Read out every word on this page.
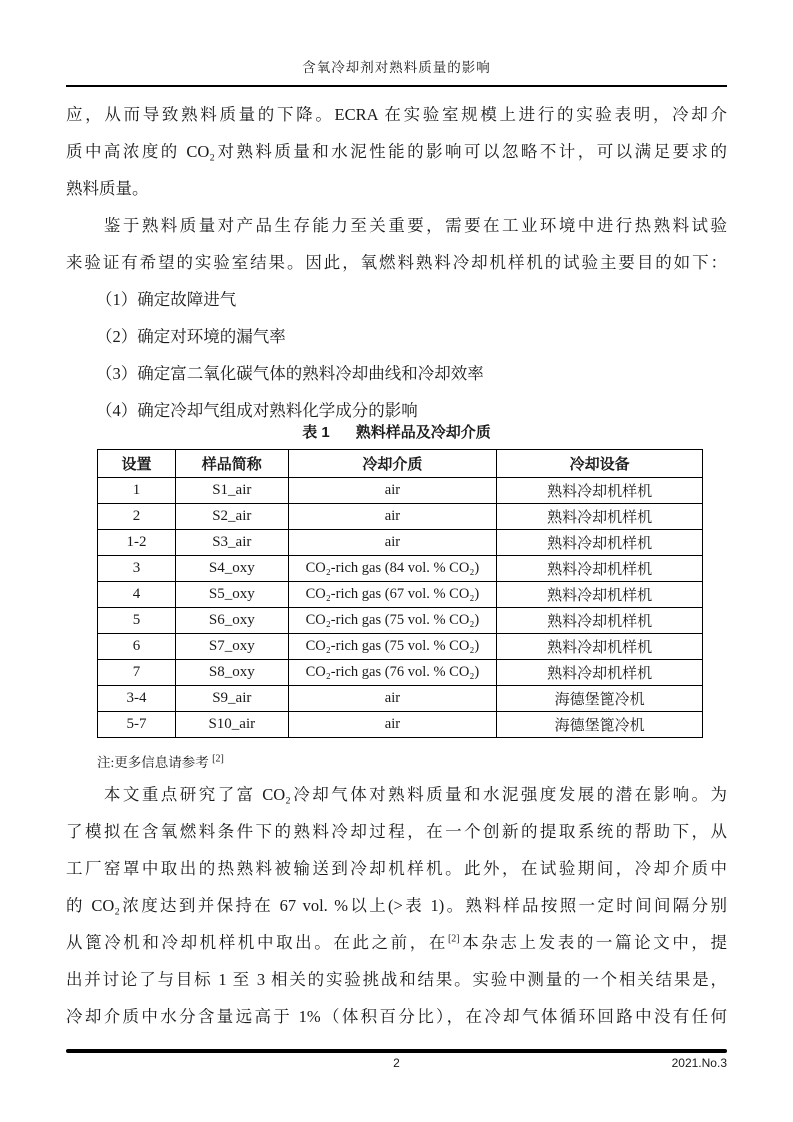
含氧冷却剂对熟料质量的影响
应，从而导致熟料质量的下降。ECRA 在实验室规模上进行的实验表明，冷却介
质中高浓度的 CO₂对熟料质量和水泥性能的影响可以忽略不计，可以满足要求的
熟料质量。
　　鉴于熟料质量对产品生存能力至关重要，需要在工业环境中进行热熟料试验
来验证有希望的实验室结果。因此，氧燃料熟料冷却机样机的试验主要目的如下：
（1）确定故障进气
（2）确定对环境的漏气率
（3）确定富二氧化碳气体的熟料冷却曲线和冷却效率
（4）确定冷却气组成对熟料化学成分的影响
表 1 熟料样品及冷却介质
设置	样品简称	冷却介质	冷却设备
1	S1_air	air	熟料冷却机样机
2	S2_air	air	熟料冷却机样机
1-2	S3_air	air	熟料冷却机样机
3	S4_oxy	CO₂-rich gas (84 vol. % CO₂)	熟料冷却机样机
4	S5_oxy	CO₂-rich gas (67 vol. % CO₂)	熟料冷却机样机
5	S6_oxy	CO₂-rich gas (75 vol. % CO₂)	熟料冷却机样机
6	S7_oxy	CO₂-rich gas (75 vol. % CO₂)	熟料冷却机样机
7	S8_oxy	CO₂-rich gas (76 vol. % CO₂)	熟料冷却机样机
3-4	S9_air	air	海德堡篦冷机
5-7	S10_air	air	海德堡篦冷机
注:更多信息请参考 [2]
　　本文重点研究了富 CO₂冷却气体对熟料质量和水泥强度发展的潜在影响。为
了模拟在含氧燃料条件下的熟料冷却过程，在一个创新的提取系统的帮助下，从
工厂窑罩中取出的热熟料被输送到冷却机样机。此外，在试验期间，冷却介质中
的 CO₂浓度达到并保持在 67 vol. %以上(>表 1)。熟料样品按照一定时间间隔分别
从篦冷机和冷却机样机中取出。在此之前，在[2]本杂志上发表的一篇论文中，提
出并讨论了与目标 1 至 3 相关的实验挑战和结果。实验中测量的一个相关结果是，
冷却介质中水分含量远高于 1%（体积百分比），在冷却气体循环回路中没有任何
2	2021.No.3
